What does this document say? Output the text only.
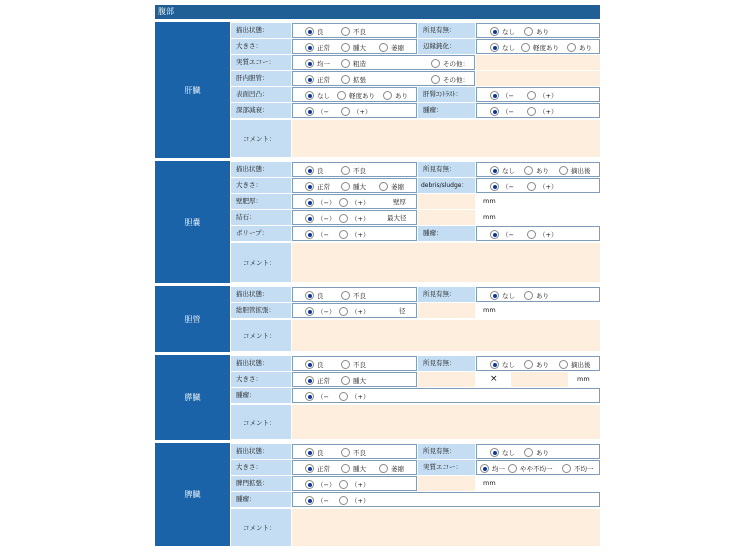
腹部
肝臓
描出状態：	良	不良	所見有無：	なし	あり
大きさ：	正常	腫大	萎縮	辺縁鈍化：	なし	軽度あり	あり
実質エコー：	均一	粗造	その他：
肝内胆管：	正常	拡張	その他：
表面凹凸：	なし	軽度あり	あり	肝腎ｺﾝﾄﾗｽﾄ：	（−	（+）
深部減衰：	（−	（+）	腫瘤：	（−	（+）
コメント：
胆嚢
描出状態：	良	不良	所見有無：	なし	あり	摘出後
大きさ：	正常	腫大	萎縮	debris/sludge：	（−	（+）
壁肥厚：	（−） （+）	壁厚	mm
結石：	（−） （+）	最大径	mm
ポリープ：	（−	（+）	腫瘤：	（−	（+）
コメント：
胆管
描出状態：	良	不良	所見有無：	なし	あり
総胆管拡張：	（−） （+）	径	mm
コメント：
膵臓
描出状態：	良	不良	所見有無：	なし	あり	摘出後
大きさ：	正常	腫大	×	mm
腫瘤：	（−	（+）
コメント：
脾臓
描出状態：	良	不良	所見有無：	なし	あり
大きさ：	正常	腫大	萎縮	実質エコー：	均一 やや不均一	不均一
脾門拡張：	（−） （+）	mm
腫瘤：	（−	（+）
コメント：
